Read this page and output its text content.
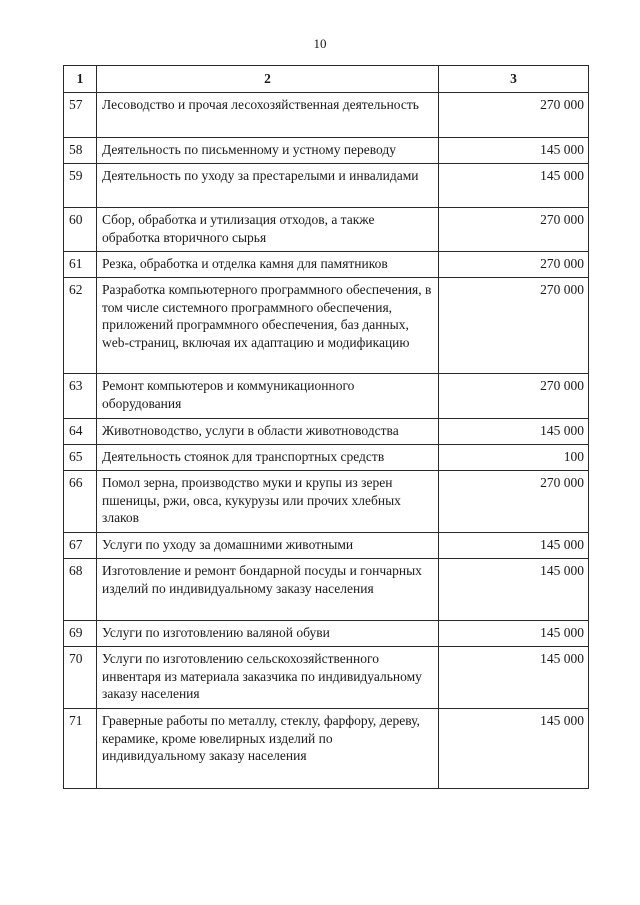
10
1	2	3
57	Лесоводство и прочая лесохозяйственная деятельность	270 000
58	Деятельность по письменному и устному переводу	145 000
59	Деятельность по уходу за престарелыми и инвалидами	145 000
60	Сбор, обработка и утилизация отходов, а также обработка вторичного сырья	270 000
61	Резка, обработка и отделка камня для памятников	270 000
62	Разработка компьютерного программного обеспечения, в том числе системного программного обеспечения, приложений программного обеспечения, баз данных, web-страниц, включая их адаптацию и модификацию	270 000
63	Ремонт компьютеров и коммуникационного оборудования	270 000
64	Животноводство, услуги в области животноводства	145 000
65	Деятельность стоянок для транспортных средств	100
66	Помол зерна, производство муки и крупы из зерен пшеницы, ржи, овса, кукурузы или прочих хлебных злаков	270 000
67	Услуги по уходу за домашними животными	145 000
68	Изготовление и ремонт бондарной посуды и гончарных изделий по индивидуальному заказу населения	145 000
69	Услуги по изготовлению валяной обуви	145 000
70	Услуги по изготовлению сельскохозяйственного инвентаря из материала заказчика по индивидуальному заказу населения	145 000
71	Граверные работы по металлу, стеклу, фарфору, дереву, керамике, кроме ювелирных изделий по индивидуальному заказу населения	145 000
